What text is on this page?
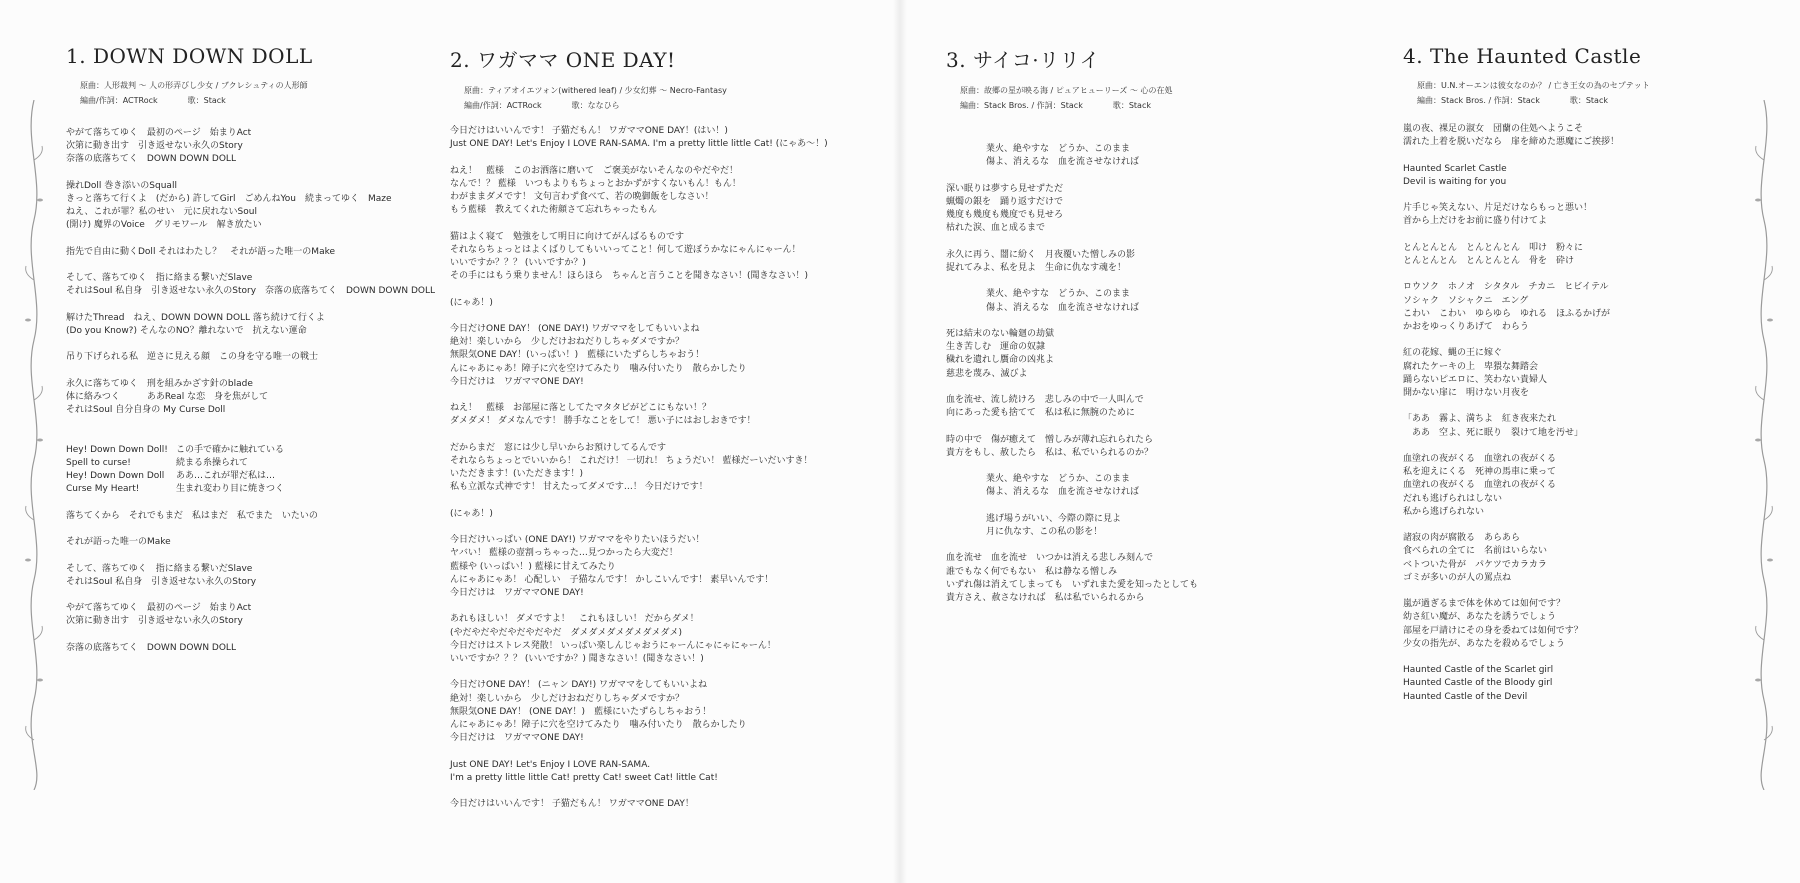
1. DOWN DOWN DOLL
原曲：人形裁判 ～ 人の形弄びし少女 / ブクレシュティの人形師
編曲/作詞：ACTRock	歌：Stack
やがて落ちてゆく　最初のページ　始まりAct
次第に動き出す　引き返せない永久のStory
奈落の底落ちてく　DOWN DOWN DOLL
操れDoll 巻き添いのSquall
きっと落ちて行くよ　(だから) 許してGirl　ごめんねYou　続まってゆく　Maze
ねえ、これが罪？私のせい　元に戻れないSoul
(開け) 魔界のVoice　グリモワール　解き放たい
指先で自由に動くDoll それはわたし？　それが語った唯一のMake
そして、落ちてゆく　指に絡まる繋いだSlave
それはSoul 私自身　引き返せない永久のStory　奈落の底落ちてく　DOWN DOWN DOLL
解けたThread　ねえ、DOWN DOWN DOLL 落ち続けて行くよ
(Do you Know?) そんなのNO？離れないで　抗えない運命
吊り下げられる私　逆さに見える顔　この身を守る唯一の戦士
永久に落ちてゆく　刑を組みかざす針のblade
体に絡みつく　　　ああReal な恋　身を焦がして
それはSoul 自分自身の My Curse Doll
Hey! Down Down Doll! この手で確かに触れている
Spell to curse!	続まる糸操られて
Hey! Down Down Doll ああ…これが罪だ私は…
Curse My Heart!	生まれ変わり目に焼きつく
落ちてくから　それでもまだ　私はまだ　私でまた　いたいの
それが語った唯一のMake
そして、落ちてゆく　指に絡まる繋いだSlave
それはSoul 私自身　引き返せない永久のStory
やがて落ちてゆく　最初のページ　始まりAct
次第に動き出す　引き返せない永久のStory
奈落の底落ちてく　DOWN DOWN DOLL
2. ワガママ ONE DAY!
原曲：ティアオイエツォン(withered leaf) / 少女幻葬 ～ Necro-Fantasy
編曲/作詞：ACTRock	歌：ななひら
今日だけはいいんです！ 子猫だもん！ ワガママONE DAY！(はい！)
Just ONE DAY! Let's Enjoy I LOVE RAN-SAMA. I'm a pretty little little Cat! (にゃあ～！)
ねえ！　藍様　このお洒落に磨いて　ご褒美がないそんなのやだやだ！
なんで！？ 藍様　いつもよりもちょっとおかずがすくないもん！もん！
わがままダメです！ 文句言わず食べて、若の晩御飯をしなさい！
もう藍様　教えてくれた術顔さて忘れちゃったもん
猫はよく寝て　勉強をして明日に向けてがんばるものです
それならちょっとはよくばりしてもいいってこと！何して遊ぼうかなにゃんにゃーん！
いいですか？？？ (いいですか？)
その手にはもう乗りません！ほらほら　ちゃんと言うことを聞きなさい！(聞きなさい！)
(にゃあ！)
今日だけONE DAY！ (ONE DAY!) ワガママをしてもいいよね
絶対！楽しいから　少しだけおねだりしちゃダメですか？
無限気ONE DAY！(いっぱい！)　藍様にいたずらしちゃおう！
んにゃあにゃあ！障子に穴を空けてみたり　噛み付いたり　散らかしたり
今日だけは　ワガママONE DAY!
ねえ！　藍様　お部屋に落としてたマタタビがどこにもない！？
ダメダメ！ ダメなんです！ 勝手なことをして！ 悪い子にはおしおきです！
だからまだ　窓には少し早いからお預けしてるんです
それならちょっとでいいから！ これだけ！ 一切れ！ ちょうだい！ 藍様だーいだいすき！
いただきます！(いただきます！)
私も立派な式神です！ 甘えたってダメです…！ 今日だけです！
(にゃあ！)
今日だけいっぱい (ONE DAY!) ワガママをやりたいほうだい！
ヤバい！ 藍様の壺割っちゃった…見つかったら大変だ！
藍様や (いっぱい！) 藍様に甘えてみたり
んにゃあにゃあ！ 心配しい　子猫なんです！ かしこいんです！ 素早いんです！
今日だけは　ワガママONE DAY!
あれもほしい！ ダメですよ！　これもほしい！ だからダメ！
(やだやだやだやだやだやだ　ダメダメダメダメダメダメ)
今日だけはストレス発散！ いっぱい楽しんじゃおうにゃーんにゃにゃにゃーん！
いいですか？？？ (いいですか？) 聞きなさい！(聞きなさい！)
今日だけONE DAY！ (ニャン DAY!) ワガママをしてもいいよね
絶対！楽しいから　少しだけおねだりしちゃダメですか？
無限気ONE DAY！ (ONE DAY！)　藍様にいたずらしちゃおう！
んにゃあにゃあ！障子に穴を空けてみたり　噛み付いたり　散らかしたり
今日だけは　ワガママONE DAY!
Just ONE DAY! Let's Enjoy I LOVE RAN-SAMA.
I'm a pretty little little Cat! pretty Cat! sweet Cat! little Cat!
今日だけはいいんです！ 子猫だもん！ ワガママONE DAY！
3. サイコ·リリイ
原曲：故郷の星が映る海 / ピュアヒューリーズ ～ 心の在処
編曲：Stack Bros. / 作詞：Stack	歌：Stack
業火、絶やすな　どうか、このまま
傷よ、消えるな　血を流させなければ
深い眠りは夢すら見せずただ
蝋燭の銀を　踊り返すだけで
幾度も幾度も幾度でも見せろ
枯れた涙、血と成るまで
永久に再う、闇に紛く　月夜覆いた憎しみの影
捉れてみよ、私を見よ　生命に仇なす魂を！
業火、絶やすな　どうか、このまま
傷よ、消えるな　血を流させなければ
死は結末のない輪廻の劫獄
生き苦しむ　運命の奴隷
穢れを遺れし贋命の凶兆よ
慈悲を蔑み、滅びよ
血を流せ、流し続けろ　悲しみの中で一人叫んで
向にあった愛も捨てて　私は私に無腕のために
時の中で　傷が癒えて　憎しみが薄れ忘れられたら
貴方をもし、赦したら　私は、私でいられるのか？
業火、絶やすな　どうか、このまま
傷よ、消えるな　血を流させなければ
逃げ場うがいい、今際の際に見よ
月に仇なす、この私の影を！
血を流せ　血を流せ　いつかは消える悲しみ刻んで
誰でもなく何でもない　私は静なる憎しみ
いずれ傷は消えてしまっても　いずれまた愛を知ったとしても
貴方さえ、赦さなければ　私は私でいられるから
4. The Haunted Castle
原曲：U.N.オーエンは彼女なのか？ / 亡き王女の為のセプテット
編曲：Stack Bros. / 作詞：Stack	歌：Stack
嵐の夜、裸足の淑女　団蘭の住処へようこそ
濡れた上着を脱いだなら　扉を締めた悪魔にご挨拶！
Haunted Scarlet Castle
Devil is waiting for you
片手じゃ笑えない、片足だけならもっと悪い！
首から上だけをお前に盛り付けてよ
とんとんとん　とんとんとん　叩け　粉々に
とんとんとん　とんとんとん　骨を　砕け
ロウソク　ホノオ　シタタル　チカニ　ヒビイテル
ソシャク　ソシャクニ　エング
こわい　こわい　ゆらゆら　ゆれる　ほふるかげが
かおをゆっくりあげて　わらう
紅の花嫁、蝿の王に嫁ぐ
腐れたケーキの上　卑猥な舞踏会
踊らないピエロに、笑わない貴婦人
開かない扉に　明けない月夜を
「ああ　霧よ、満ちよ　紅き夜来たれ
　ああ　空よ、死に眠り　裂けて地を汚せ」
血塗れの夜がくる　血塗れの夜がくる
私を迎えにくる　死神の馬車に乗って
血塗れの夜がくる　血塗れの夜がくる
だれも逃げられはしない
私から逃げられない
諸寂の肉が腐散る　あらあら
食べられの全てに　名前はいらない
ベトついた骨が　パケツでカラカラ
ゴミが多いのが人の罵点ね
嵐が過ぎるまで体を休めては如何です？
幼さ紅い魔が、あなたを誘うでしょう
部屋を戸請けにその身を委ねては如何です？
少女の指先が、あなたを殺めるでしょう
Haunted Castle of the Scarlet girl
Haunted Castle of the Bloody girl
Haunted Castle of the Devil
